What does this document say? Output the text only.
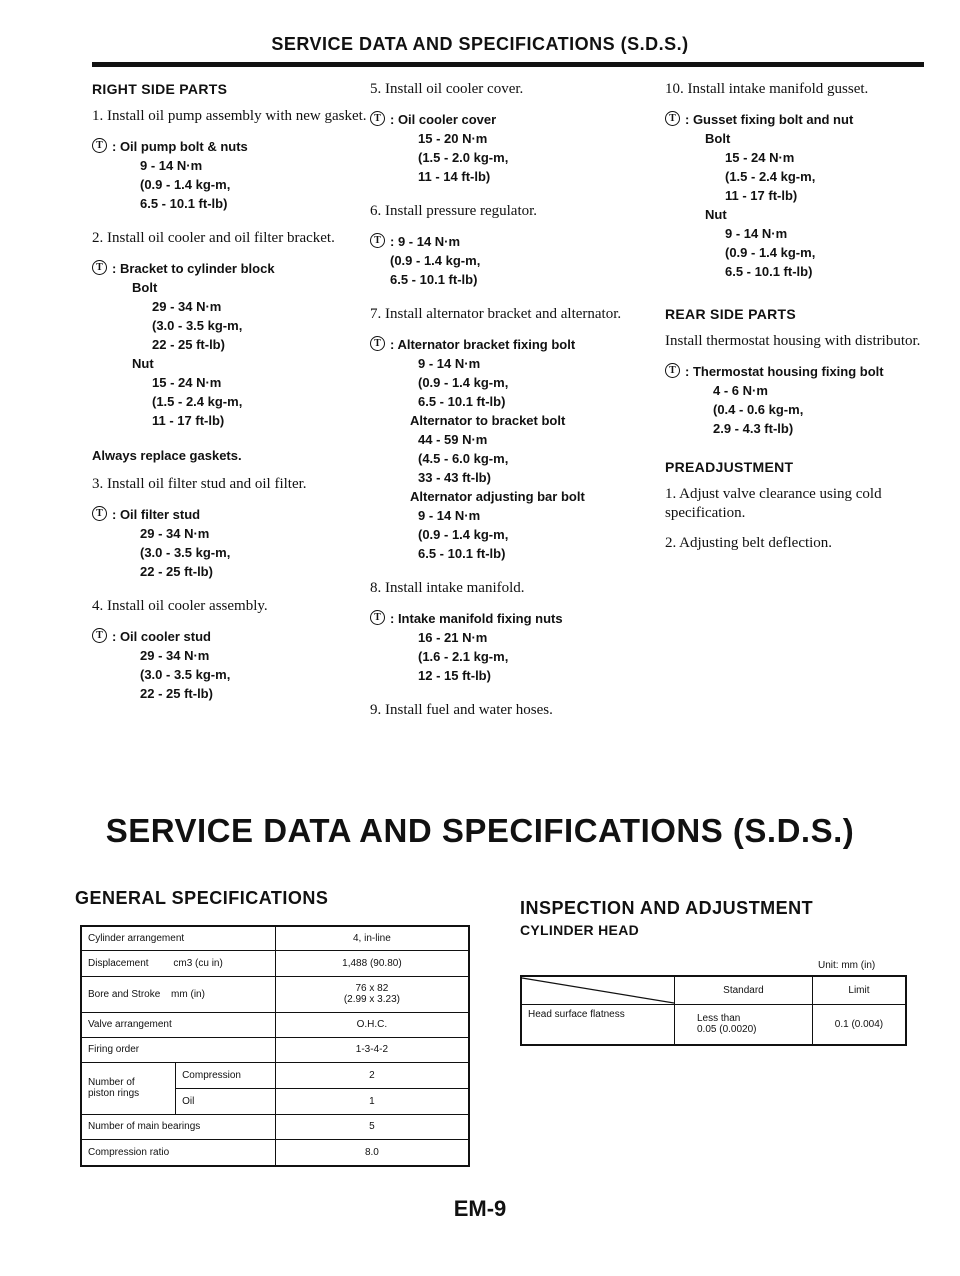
SERVICE DATA AND SPECIFICATIONS (S.D.S.)
RIGHT SIDE PARTS

1. Install oil pump assembly with new gasket.

T : Oil pump bolt & nuts
9 - 14 N·m
(0.9 - 1.4 kg-m,
6.5 - 10.1 ft-lb)

2. Install oil cooler and oil filter bracket.

T : Bracket to cylinder block
Bolt
29 - 34 N·m
(3.0 - 3.5 kg-m,
22 - 25 ft-lb)
Nut
15 - 24 N·m
(1.5 - 2.4 kg-m,
11 - 17 ft-lb)
Always replace gaskets.

3. Install oil filter stud and oil filter.

T : Oil filter stud
29 - 34 N·m
(3.0 - 3.5 kg-m,
22 - 25 ft-lb)

4. Install oil cooler assembly.

T : Oil cooler stud
29 - 34 N·m
(3.0 - 3.5 kg-m,
22 - 25 ft-lb)

5. Install oil cooler cover.

T : Oil cooler cover
15 - 20 N·m
(1.5 - 2.0 kg-m,
11 - 14 ft-lb)

6. Install pressure regulator.

T : 9 - 14 N·m
(0.9 - 1.4 kg-m,
6.5 - 10.1 ft-lb)

7. Install alternator bracket and alternator.

T : Alternator bracket fixing bolt
9 - 14 N·m
(0.9 - 1.4 kg-m,
6.5 - 10.1 ft-lb)
Alternator to bracket bolt
44 - 59 N·m
(4.5 - 6.0 kg-m,
33 - 43 ft-lb)
Alternator adjusting bar bolt
9 - 14 N·m
(0.9 - 1.4 kg-m,
6.5 - 10.1 ft-lb)

8. Install intake manifold.

T : Intake manifold fixing nuts
16 - 21 N·m
(1.6 - 2.1 kg-m,
12 - 15 ft-lb)

9. Install fuel and water hoses.

10. Install intake manifold gusset.

T : Gusset fixing bolt and nut
Bolt
15 - 24 N·m
(1.5 - 2.4 kg-m,
11 - 17 ft-lb)
Nut
9 - 14 N·m
(0.9 - 1.4 kg-m,
6.5 - 10.1 ft-lb)
REAR SIDE PARTS

Install thermostat housing with distributor.

T : Thermostat housing fixing bolt
4 - 6 N·m
(0.4 - 0.6 kg-m,
2.9 - 4.3 ft-lb)
PREADJUSTMENT

1. Adjust valve clearance using cold specification.

2. Adjusting belt deflection.

SERVICE DATA AND SPECIFICATIONS (S.D.S.)
GENERAL SPECIFICATIONS
Cylinder arrangement		4, in-line
Displacement cm3 (cu in)		1,488 (90.80)
Bore and Stroke mm (in)		76 x 82
(2.99 x 3.23)

Valve arrangement		O.H.C.
Firing order		1-3-4-2

Number of
piston rings	Compression	2
	Oil	1
Number of main bearings		5
Compression ratio		8.0
INSPECTION AND ADJUSTMENT
CYLINDER HEAD
Unit: mm (in)
	Standard	Limit
Head surface flatness	Less than
0.05 (0.0020)	0.1 (0.004)
EM-9
